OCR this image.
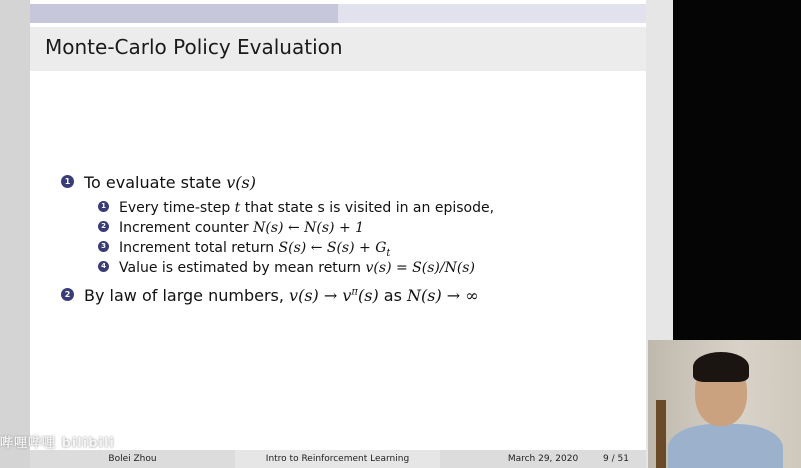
Monte-Carlo Policy Evaluation
1 To evaluate state v(s)
1 Every time-step t that state s is visited in an episode,
2 Increment counter N(s) ← N(s) + 1
3 Increment total return S(s) ← $S(s) + G_t$
4 Value is estimated by mean return v(s) = S(s)/N(s)
2 By law of large numbers, $v(s) \to v^\pi(s)$ as N(s) → ∞
Bolei Zhou	Intro to Reinforcement Learning	March 29, 2020	9 / 51
哔哩哔哩 bilibili
